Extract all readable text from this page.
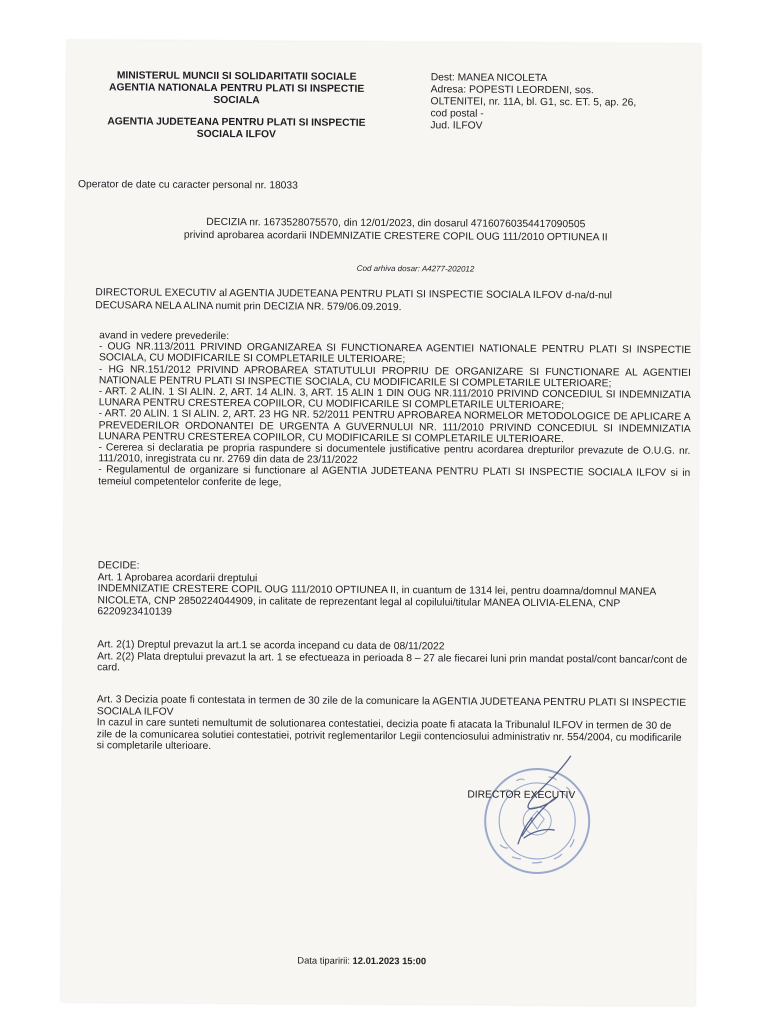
MINISTERUL MUNCII SI SOLIDARITATII SOCIALE
AGENTIA NATIONALA PENTRU PLATI SI INSPECTIE
SOCIALA
AGENTIA JUDETEANA PENTRU PLATI SI INSPECTIE
SOCIALA ILFOV
Dest: MANEA NICOLETA
Adresa: POPESTI LEORDENI, sos.
OLTENITEI, nr. 11A, bl. G1, sc. ET. 5, ap. 26,
cod postal -
Jud. ILFOV
Operator de date cu caracter personal nr. 18033
DECIZIA nr. 1673528075570, din 12/01/2023, din dosarul 47160760354417090505
privind aprobarea acordarii INDEMNIZATIE CRESTERE COPIL OUG 111/2010 OPTIUNEA II
Cod arhiva dosar: A4277-202012
DIRECTORUL EXECUTIV al AGENTIA JUDETEANA PENTRU PLATI SI INSPECTIE SOCIALA ILFOV d-na/d-nul
DECUSARA NELA ALINA numit prin DECIZIA NR. 579/06.09.2019.

avand in vedere prevederile:

- OUG NR.113/2011 PRIVIND ORGANIZAREA SI FUNCTIONAREA AGENTIEI NATIONALE PENTRU PLATI SI INSPECTIE SOCIALA, CU MODIFICARILE SI COMPLETARILE ULTERIOARE;

- HG NR.151/2012 PRIVIND APROBAREA STATUTULUI PROPRIU DE ORGANIZARE SI FUNCTIONARE AL AGENTIEI NATIONALE PENTRU PLATI SI INSPECTIE SOCIALA, CU MODIFICARILE SI COMPLETARILE ULTERIOARE;

- ART. 2 ALIN. 1 SI ALIN. 2, ART. 14 ALIN. 3, ART. 15 ALIN 1 DIN OUG NR.111/2010 PRIVIND CONCEDIUL SI INDEMNIZATIA LUNARA PENTRU CRESTEREA COPIILOR, CU MODIFICARILE SI COMPLETARILE ULTERIOARE;

- ART. 20 ALIN. 1 SI ALIN. 2, ART. 23 HG NR. 52/2011 PENTRU APROBAREA NORMELOR METODOLOGICE DE APLICARE A PREVEDERILOR ORDONANTEI DE URGENTA A GUVERNULUI NR. 111/2010 PRIVIND CONCEDIUL SI INDEMNIZATIA LUNARA PENTRU CRESTEREA COPIILOR, CU MODIFICARILE SI COMPLETARILE ULTERIOARE.

- Cererea si declaratia pe propria raspundere si documentele justificative pentru acordarea drepturilor prevazute de O.U.G. nr. 111/2010, inregistrata cu nr. 2769 din data de 23/11/2022

- Regulamentul de organizare si functionare al AGENTIA JUDETEANA PENTRU PLATI SI INSPECTIE SOCIALA ILFOV si in temeiul competentelor conferite de lege,

DECIDE:

Art. 1 Aprobarea acordarii dreptului

INDEMNIZATIE CRESTERE COPIL OUG 111/2010 OPTIUNEA II, in cuantum de 1314 lei, pentru doamna/domnul MANEA NICOLETA, CNP 2850224044909, in calitate de reprezentant legal al copilului/titular MANEA OLIVIA-ELENA, CNP 6220923410139

Art. 2(1) Dreptul prevazut la art.1 se acorda incepand cu data de 08/11/2022

Art. 2(2) Plata dreptului prevazut la art. 1 se efectueaza in perioada 8 – 27 ale fiecarei luni prin mandat postal/cont bancar/cont de card.

Art. 3 Decizia poate fi contestata in termen de 30 zile de la comunicare la AGENTIA JUDETEANA PENTRU PLATI SI INSPECTIE SOCIALA ILFOV

In cazul in care sunteti nemultumit de solutionarea contestatiei, decizia poate fi atacata la Tribunalul ILFOV in termen de 30 de zile de la comunicarea solutiei contestatiei, potrivit reglementarilor Legii contenciosului administrativ nr. 554/2004, cu modificarile si completarile ulterioare.

DIRECTOR EXECUTIV
Data tiparirii: 12.01.2023 15:00
